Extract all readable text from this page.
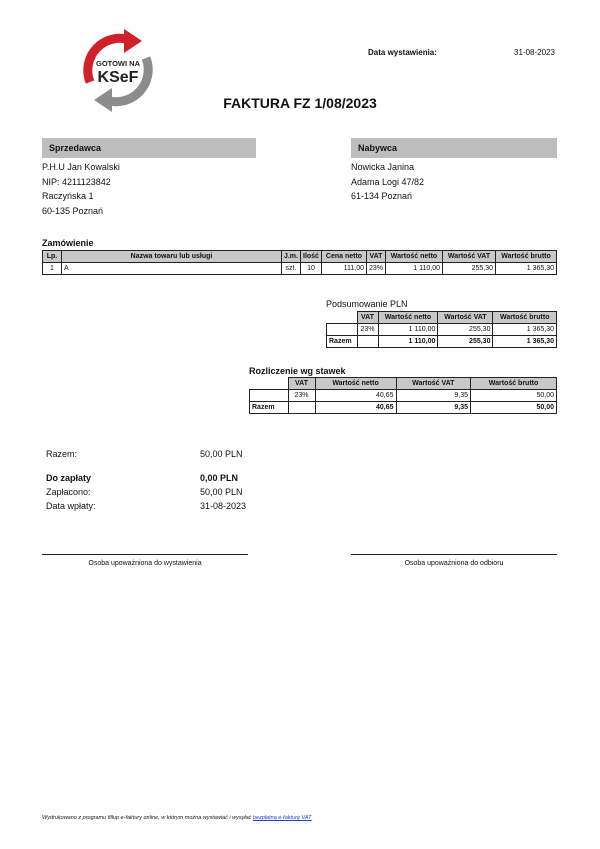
GOTOWI NA
KSeF
Data wystawienia:	31-08-2023
FAKTURA FZ 1/08/2023
Sprzedawca
P.H.U Jan Kowalski
NIP: 4211123842
Raczyńska 1
60-135 Poznań
Nabywca
Nowicka Janina
Adama Logi 47/82
61-134 Poznań
Zamówienie
Lp.	Nazwa towaru lub usługi	J.m.	Ilość	Cena netto	VAT	Wartość netto	Wartość VAT	Wartość brutto
1	A	szt.	10	111,00	23%	1 110,00	255,30	1 365,30
Podsumowanie PLN
	VAT	Wartość netto	Wartość VAT	Wartość brutto
	23%	1 110,00	255,30	1 365,30
Razem		1 110,00	255,30	1 365,30
Rozliczenie wg stawek
	VAT	Wartość netto	Wartość VAT	Wartość brutto
	23%	40,65	9,35	50,00
Razem		40,65	9,35	50,00
Razem:	50,00 PLN
Do zapłaty	0,00 PLN
Zapłacono:	50,00 PLN
Data wpłaty:	31-08-2023
Osoba upoważniona do wystawienia	Osoba upoważniona do odbioru
Wydrukowano z programu fillup e-faktury online, w którym można wystawiać i wysyłać bezpłatną e-fakturę VAT
